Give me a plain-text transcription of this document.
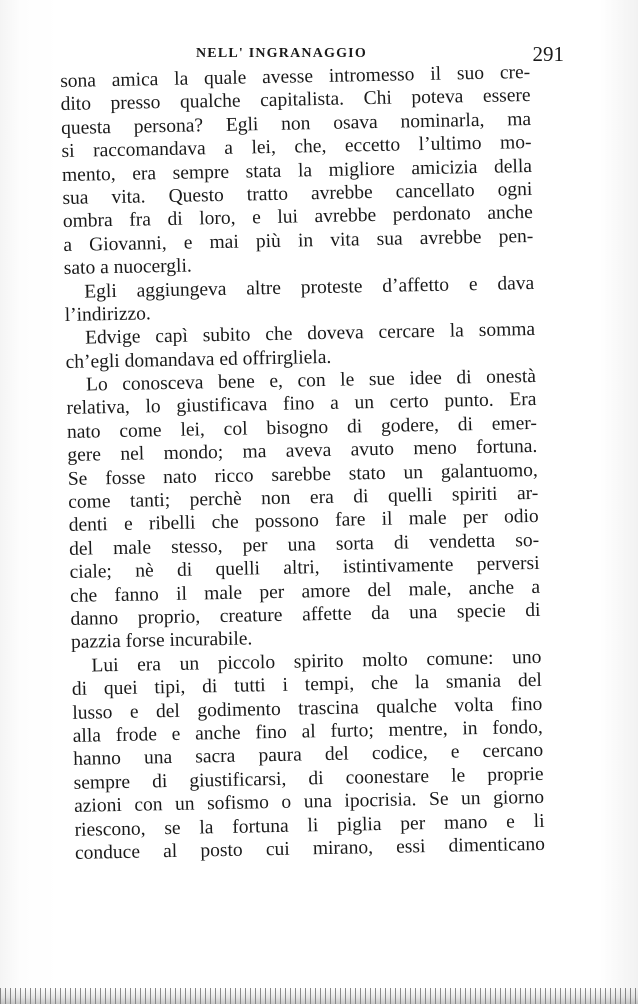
NELL' INGRANAGGIO	291
sona amica la quale avesse intromesso il suo cre-
dito presso qualche capitalista. Chi poteva essere
questa persona? Egli non osava nominarla, ma
si raccomandava a lei, che, eccetto l’ultimo mo-
mento, era sempre stata la migliore amicizia della
sua vita. Questo tratto avrebbe cancellato ogni
ombra fra di loro, e lui avrebbe perdonato anche
a Giovanni, e mai più in vita sua avrebbe pen-
sato a nuocergli.
Egli aggiungeva altre proteste d’affetto e dava
l’indirizzo.
Edvige capì subito che doveva cercare la somma
ch’egli domandava ed offrirgliela.
Lo conosceva bene e, con le sue idee di onestà
relativa, lo giustificava fino a un certo punto. Era
nato come lei, col bisogno di godere, di emer-
gere nel mondo; ma aveva avuto meno fortuna.
Se fosse nato ricco sarebbe stato un galantuomo,
come tanti; perchè non era di quelli spiriti ar-
denti e ribelli che possono fare il male per odio
del male stesso, per una sorta di vendetta so-
ciale; nè di quelli altri, istintivamente perversi
che fanno il male per amore del male, anche a
danno proprio, creature affette da una specie di
pazzia forse incurabile.
Lui era un piccolo spirito molto comune: uno
di quei tipi, di tutti i tempi, che la smania del
lusso e del godimento trascina qualche volta fino
alla frode e anche fino al furto; mentre, in fondo,
hanno una sacra paura del codice, e cercano
sempre di giustificarsi, di coonestare le proprie
azioni con un sofismo o una ipocrisia. Se un giorno
riescono, se la fortuna li piglia per mano e li
conduce al posto cui mirano, essi dimenticano
